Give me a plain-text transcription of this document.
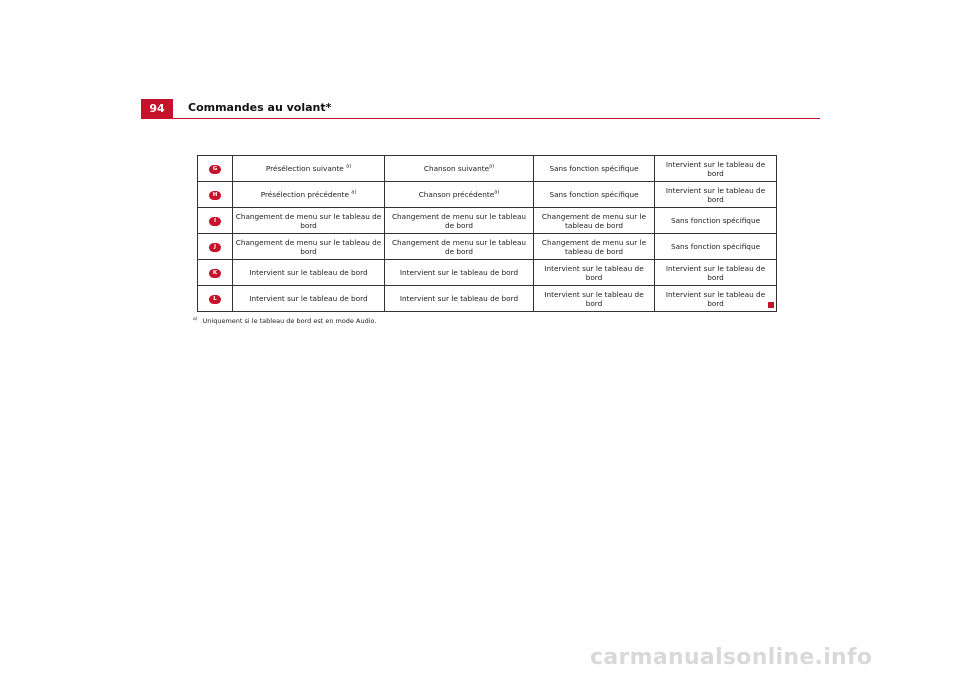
94	Commandes au volant*
G	Présélection suivante $^{a)}$	Chanson suivante$^{a)}$	Sans fonction spécifique	Intervient sur le tableau de bord
H	Présélection précédente $^{a)}$	Chanson précédente$^{a)}$	Sans fonction spécifique	Intervient sur le tableau de bord
I	Changement de menu sur le tableau de bord	Changement de menu sur le tableau de bord	Changement de menu sur le tableau de bord	Sans fonction spécifique
J	Changement de menu sur le tableau de bord	Changement de menu sur le tableau de bord	Changement de menu sur le tableau de bord	Sans fonction spécifique
K	Intervient sur le tableau de bord	Intervient sur le tableau de bord	Intervient sur le tableau de bord	Intervient sur le tableau de bord
L	Intervient sur le tableau de bord	Intervient sur le tableau de bord	Intervient sur le tableau de bord	Intervient sur le tableau de bord
$^{a)}$ Uniquement si le tableau de bord est en mode Audio.
carmanualsonline.info
